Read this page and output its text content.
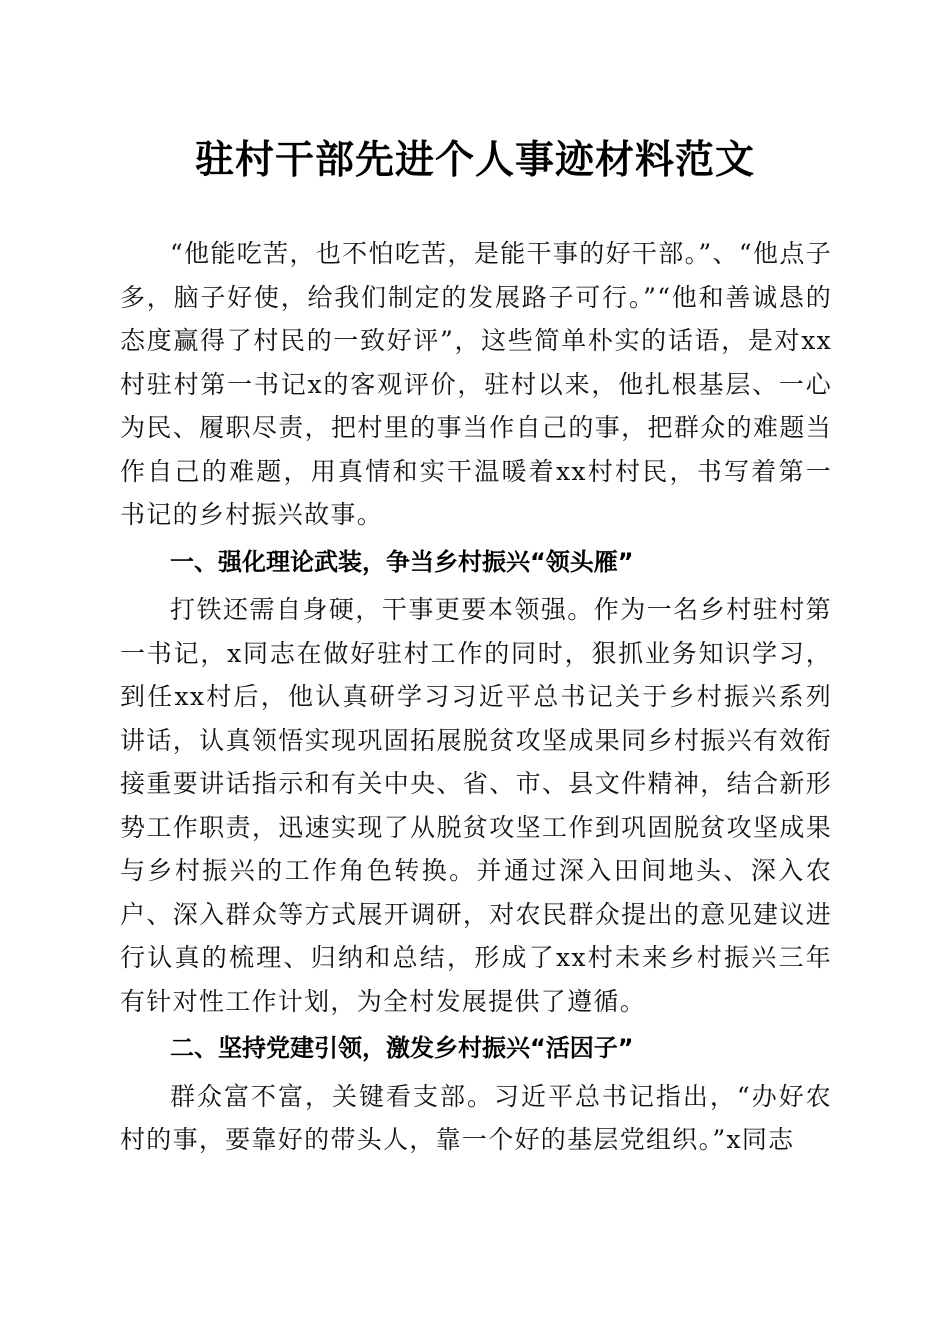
驻村干部先进个人事迹材料范文

“他能吃苦，也不怕吃苦，是能干事的好干部。”、“他点子多，脑子好使，给我们制定的发展路子可行。”“他和善诚恳的态度赢得了村民的一致好评”，这些简单朴实的话语，是对xx村驻村第一书记x的客观评价，驻村以来，他扎根基层、一心为民、履职尽责，把村里的事当作自己的事，把群众的难题当作自己的难题，用真情和实干温暖着xx村村民，书写着第一书记的乡村振兴故事。

一、强化理论武装，争当乡村振兴“领头雁”

打铁还需自身硬，干事更要本领强。作为一名乡村驻村第一书记，x同志在做好驻村工作的同时，狠抓业务知识学习，到任xx村后，他认真研学习习近平总书记关于乡村振兴系列讲话，认真领悟实现巩固拓展脱贫攻坚成果同乡村振兴有效衔接重要讲话指示和有关中央、省、市、县文件精神，结合新形势工作职责，迅速实现了从脱贫攻坚工作到巩固脱贫攻坚成果与乡村振兴的工作角色转换。并通过深入田间地头、深入农户、深入群众等方式展开调研，对农民群众提出的意见建议进行认真的梳理、归纳和总结，形成了xx村未来乡村振兴三年有针对性工作计划，为全村发展提供了遵循。

二、坚持党建引领，激发乡村振兴“活因子”

群众富不富，关键看支部。习近平总书记指出，“办好农村的事，要靠好的带头人，靠一个好的基层党组织。”x同志
